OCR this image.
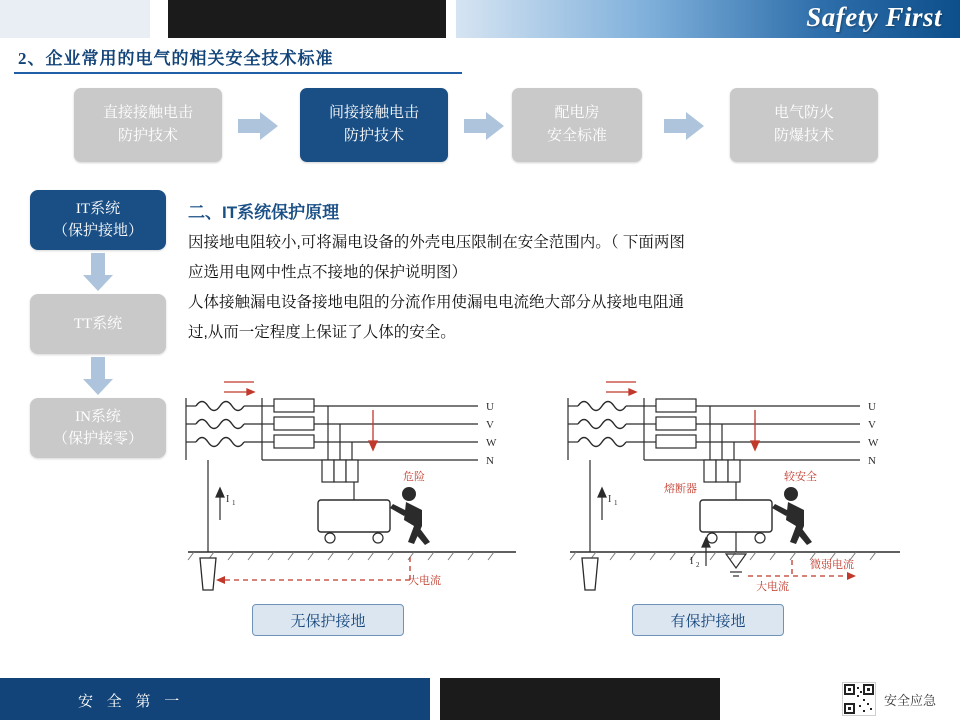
Safety First
2、企业常用的电气的相关安全技术标准
直接接触电击
防护技术
间接接触电击
防护技术
配电房
安全标准
电气防火
防爆技术
IT系统
（保护接地）
TT系统
IN系统
（保护接零）
二、IT系统保护原理

因接地电阻较小,可将漏电设备的外壳电压限制在安全范围内。（ 下面两图

应选用电网中性点不接地的保护说明图）

人体接触漏电设备接地电阻的分流作用使漏电电流绝大部分从接地电阻通

过,从而一定程度上保证了人体的安全。

I 1
U
V
W
N
危险
大电流
I 1
I 2
U
V
W
N
熔断器
较安全
微弱电流
大电流
无保护接地	有保护接地
安 全 第 一	安全应急
